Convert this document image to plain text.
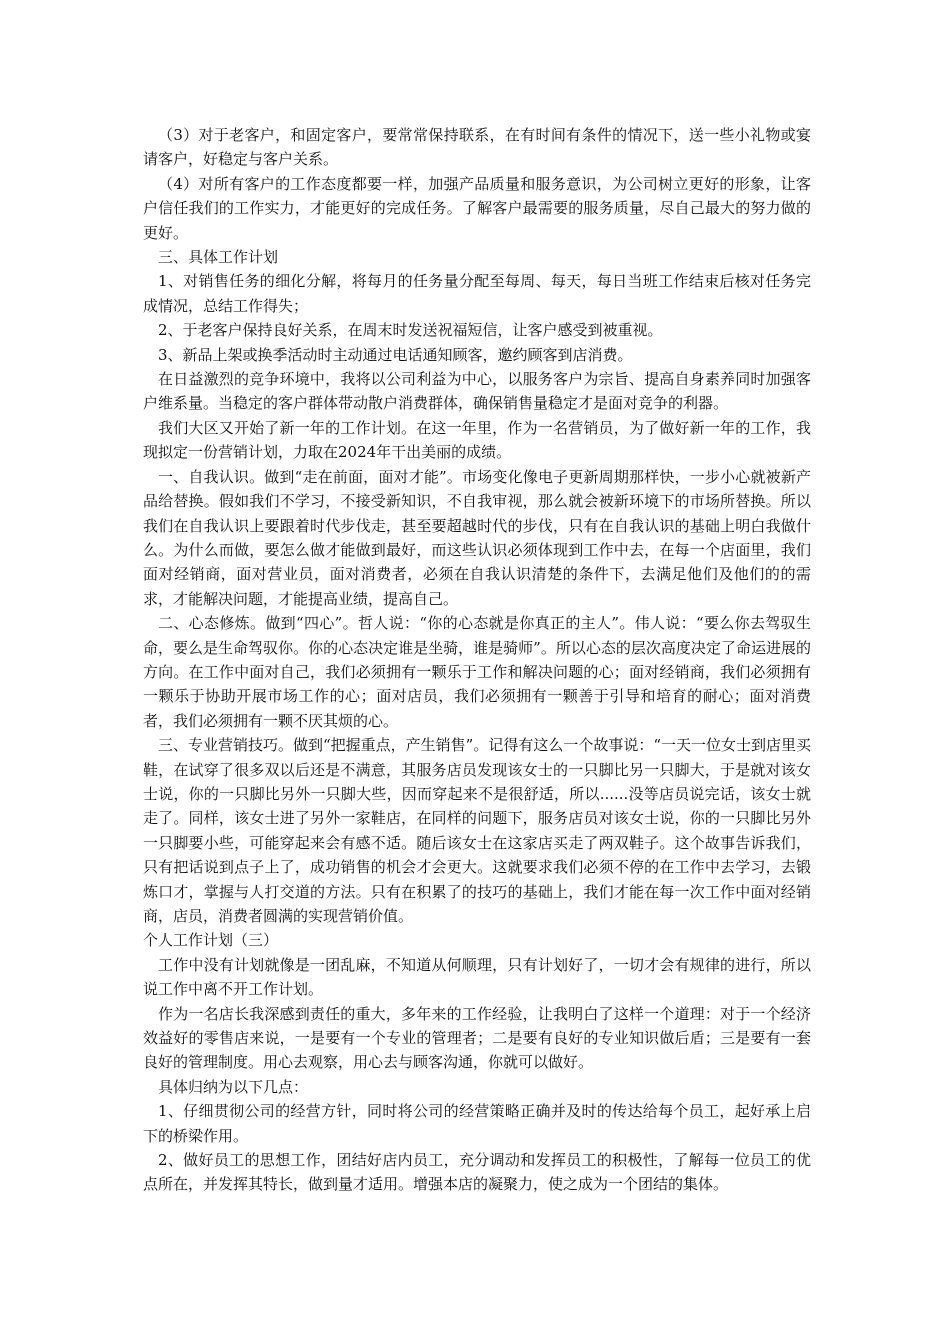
（3）对于老客户，和固定客户，要常常保持联系，在有时间有条件的情况下，送一些小礼物或宴请客户，好稳定与客户关系。

（4）对所有客户的工作态度都要一样，加强产品质量和服务意识，为公司树立更好的形象，让客户信任我们的工作实力，才能更好的完成任务。了解客户最需要的服务质量，尽自己最大的努力做的更好。

三、具体工作计划

1、对销售任务的细化分解，将每月的任务量分配至每周、每天，每日当班工作结束后核对任务完成情况，总结工作得失；

2、于老客户保持良好关系，在周末时发送祝福短信，让客户感受到被重视。

3、新品上架或换季活动时主动通过电话通知顾客，邀约顾客到店消费。

在日益激烈的竞争环境中，我将以公司利益为中心，以服务客户为宗旨、提高自身素养同时加强客户维系量。当稳定的客户群体带动散户消费群体，确保销售量稳定才是面对竞争的利器。

我们大区又开始了新一年的工作计划。在这一年里，作为一名营销员，为了做好新一年的工作，我现拟定一份营销计划，力取在2024年干出美丽的成绩。

一、自我认识。做到“走在前面，面对才能”。市场变化像电子更新周期那样快，一步小心就被新产品给替换。假如我们不学习，不接受新知识，不自我审视，那么就会被新环境下的市场所替换。所以我们在自我认识上要跟着时代步伐走，甚至要超越时代的步伐，只有在自我认识的基础上明白我做什么。为什么而做，要怎么做才能做到最好，而这些认识必须体现到工作中去，在每一个店面里，我们面对经销商，面对营业员，面对消费者，必须在自我认识清楚的条件下，去满足他们及他们的的需求，才能解决问题，才能提高业绩，提高自己。

二、心态修炼。做到“四心”。哲人说：“你的心态就是你真正的主人”。伟人说：“要么你去驾驭生命，要么是生命驾驭你。你的心态决定谁是坐骑，谁是骑师”。所以心态的层次高度决定了命运进展的方向。在工作中面对自己，我们必须拥有一颗乐于工作和解决问题的心；面对经销商，我们必须拥有一颗乐于协助开展市场工作的心；面对店员，我们必须拥有一颗善于引导和培育的耐心；面对消费者，我们必须拥有一颗不厌其烦的心。

三、专业营销技巧。做到“把握重点，产生销售”。记得有这么一个故事说：“一天一位女士到店里买鞋，在试穿了很多双以后还是不满意，其服务店员发现该女士的一只脚比另一只脚大，于是就对该女士说，你的一只脚比另外一只脚大些，因而穿起来不是很舒适，所以......没等店员说完话，该女士就走了。同样，该女士进了另外一家鞋店，在同样的问题下，服务店员对该女士说，你的一只脚比另外一只脚要小些，可能穿起来会有感不适。随后该女士在这家店买走了两双鞋子。这个故事告诉我们，只有把话说到点子上了，成功销售的机会才会更大。这就要求我们必须不停的在工作中去学习，去锻炼口才，掌握与人打交道的方法。只有在积累了的技巧的基础上，我们才能在每一次工作中面对经销商，店员，消费者圆满的实现营销价值。

个人工作计划（三）

工作中没有计划就像是一团乱麻，不知道从何顺理，只有计划好了，一切才会有规律的进行，所以说工作中离不开工作计划。

作为一名店长我深感到责任的重大，多年来的工作经验，让我明白了这样一个道理：对于一个经济效益好的零售店来说，一是要有一个专业的管理者；二是要有良好的专业知识做后盾；三是要有一套良好的管理制度。用心去观察，用心去与顾客沟通，你就可以做好。

具体归纳为以下几点：

1、仔细贯彻公司的经营方针，同时将公司的经营策略正确并及时的传达给每个员工，起好承上启下的桥梁作用。

2、做好员工的思想工作，团结好店内员工，充分调动和发挥员工的积极性，了解每一位员工的优点所在，并发挥其特长，做到量才适用。增强本店的凝聚力，使之成为一个团结的集体。
